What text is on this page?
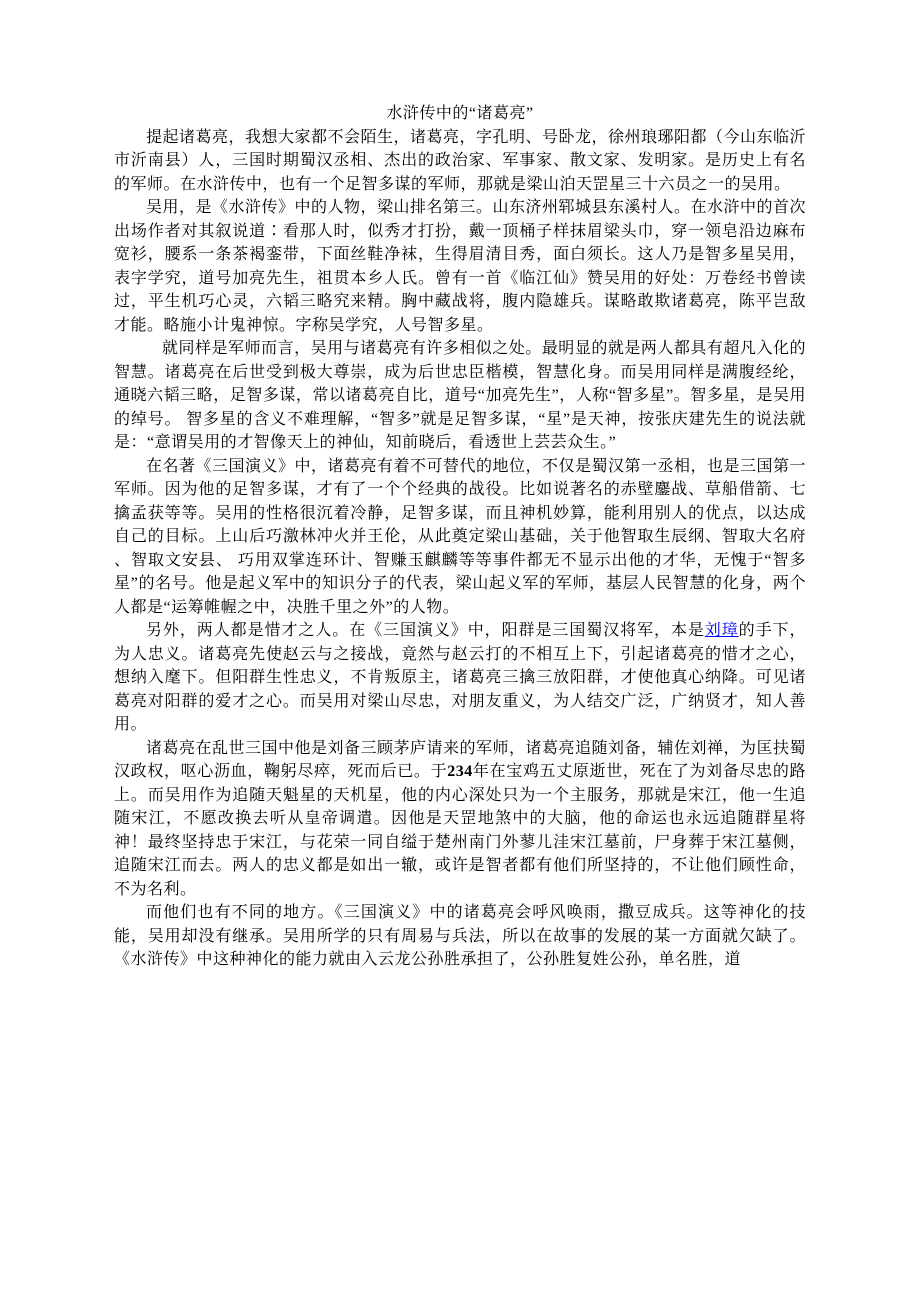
水浒传中的“诸葛亮”

提起诸葛亮，我想大家都不会陌生，诸葛亮，字孔明、号卧龙，徐州琅琊阳都（今山东临沂市沂南县）人，三国时期蜀汉丞相、杰出的政治家、军事家、散文家、发明家。是历史上有名的军师。在水浒传中，也有一个足智多谋的军师，那就是梁山泊天罡星三十六员之一的吴用。

吴用，是《水浒传》中的人物，梁山排名第三。山东济州郓城县东溪村人。在水浒中的首次出场作者对其叙说道∶看那人时，似秀才打扮，戴一顶桶子样抹眉梁头巾，穿一领皂沿边麻布宽衫，腰系一条茶褐銮带，下面丝鞋净袜，生得眉清目秀，面白须长。这人乃是智多星吴用，表字学究，道号加亮先生，祖贯本乡人氏。曾有一首《临江仙》赞吴用的好处：万卷经书曾读过，平生机巧心灵，六韬三略究来精。胸中藏战将，腹内隐雄兵。谋略敢欺诸葛亮，陈平岂敌才能。略施小计鬼神惊。字称吴学究，人号智多星。

就同样是军师而言，吴用与诸葛亮有许多相似之处。最明显的就是两人都具有超凡入化的智慧。诸葛亮在后世受到极大尊崇，成为后世忠臣楷模，智慧化身。而吴用同样是满腹经纶，通晓六韬三略，足智多谋，常以诸葛亮自比，道号“加亮先生”，人称“智多星”。智多星，是吴用的绰号。 智多星的含义不难理解，“智多”就是足智多谋，“星”是天神，按张庆建先生的说法就是：“意谓吴用的才智像天上的神仙，知前晓后，看透世上芸芸众生。”

在名著《三国演义》中，诸葛亮有着不可替代的地位，不仅是蜀汉第一丞相，也是三国第一军师。因为他的足智多谋，才有了一个个经典的战役。比如说著名的赤壁鏖战、草船借箭、七擒孟获等等。吴用的性格很沉着冷静，足智多谋，而且神机妙算，能利用别人的优点，以达成自己的目标。上山后巧激林冲火并王伦，从此奠定梁山基础，关于他智取生辰纲、智取大名府 、智取文安县、 巧用双掌连环计、智赚玉麒麟等等事件都无不显示出他的才华，无愧于“智多星”的名号。他是起义军中的知识分子的代表，梁山起义军的军师，基层人民智慧的化身，两个人都是“运筹帷幄之中，决胜千里之外”的人物。

另外，两人都是惜才之人。在《三国演义》中，阳群是三国蜀汉将军，本是刘璋的手下，为人忠义。诸葛亮先使赵云与之接战，竟然与赵云打的不相互上下，引起诸葛亮的惜才之心，想纳入麾下。但阳群生性忠义，不肯叛原主，诸葛亮三擒三放阳群，才使他真心纳降。可见诸葛亮对阳群的爱才之心。而吴用对梁山尽忠，对朋友重义，为人结交广泛，广纳贤才，知人善用。

诸葛亮在乱世三国中他是刘备三顾茅庐请来的军师，诸葛亮追随刘备，辅佐刘禅，为匡扶蜀汉政权，呕心沥血，鞠躬尽瘁，死而后已。于234年在宝鸡五丈原逝世，死在了为刘备尽忠的路上。而吴用作为追随天魁星的天机星，他的内心深处只为一个主服务，那就是宋江，他一生追随宋江，不愿改换去听从皇帝调遣。因他是天罡地煞中的大脑，他的命运也永远追随群星将神！最终坚持忠于宋江，与花荣一同自缢于楚州南门外蓼儿洼宋江墓前，尸身葬于宋江墓侧，追随宋江而去。两人的忠义都是如出一辙，或许是智者都有他们所坚持的，不让他们顾性命，不为名利。

而他们也有不同的地方。《三国演义》中的诸葛亮会呼风唤雨，撒豆成兵。这等神化的技能，吴用却没有继承。吴用所学的只有周易与兵法，所以在故事的发展的某一方面就欠缺了。《水浒传》中这种神化的能力就由入云龙公孙胜承担了，公孙胜复姓公孙，单名胜，道
